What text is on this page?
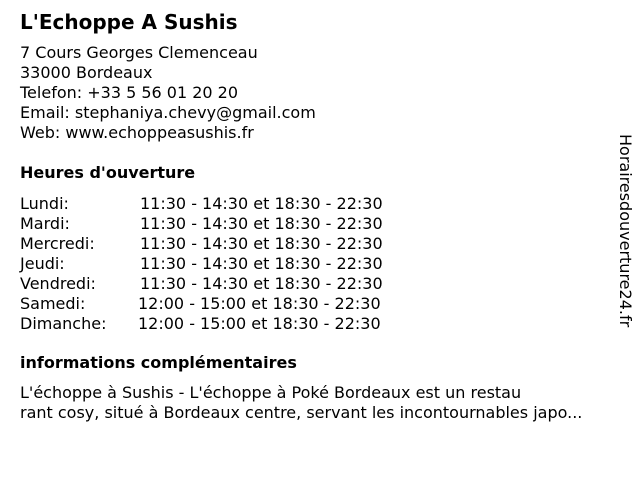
L'Echoppe A Sushis
7 Cours Georges Clemenceau
33000 Bordeaux
Telefon: +33 5 56 01 20 20
Email: stephaniya.chevy@gmail.com
Web: www.echoppeasushis.fr
Heures d'ouverture
Lundi:	11:30 - 14:30 et 18:30 - 22:30
Mardi:	11:30 - 14:30 et 18:30 - 22:30
Mercredi:	11:30 - 14:30 et 18:30 - 22:30
Jeudi:	11:30 - 14:30 et 18:30 - 22:30
Vendredi:	11:30 - 14:30 et 18:30 - 22:30
Samedi:	12:00 - 15:00 et 18:30 - 22:30
Dimanche: 12:00 - 15:00 et 18:30 - 22:30
informations complémentaires
L'échoppe à Sushis - L'échoppe à Poké Bordeaux est un restau
rant cosy, situé à Bordeaux centre, servant les incontournables japo...
Horairesdouverture24.fr
